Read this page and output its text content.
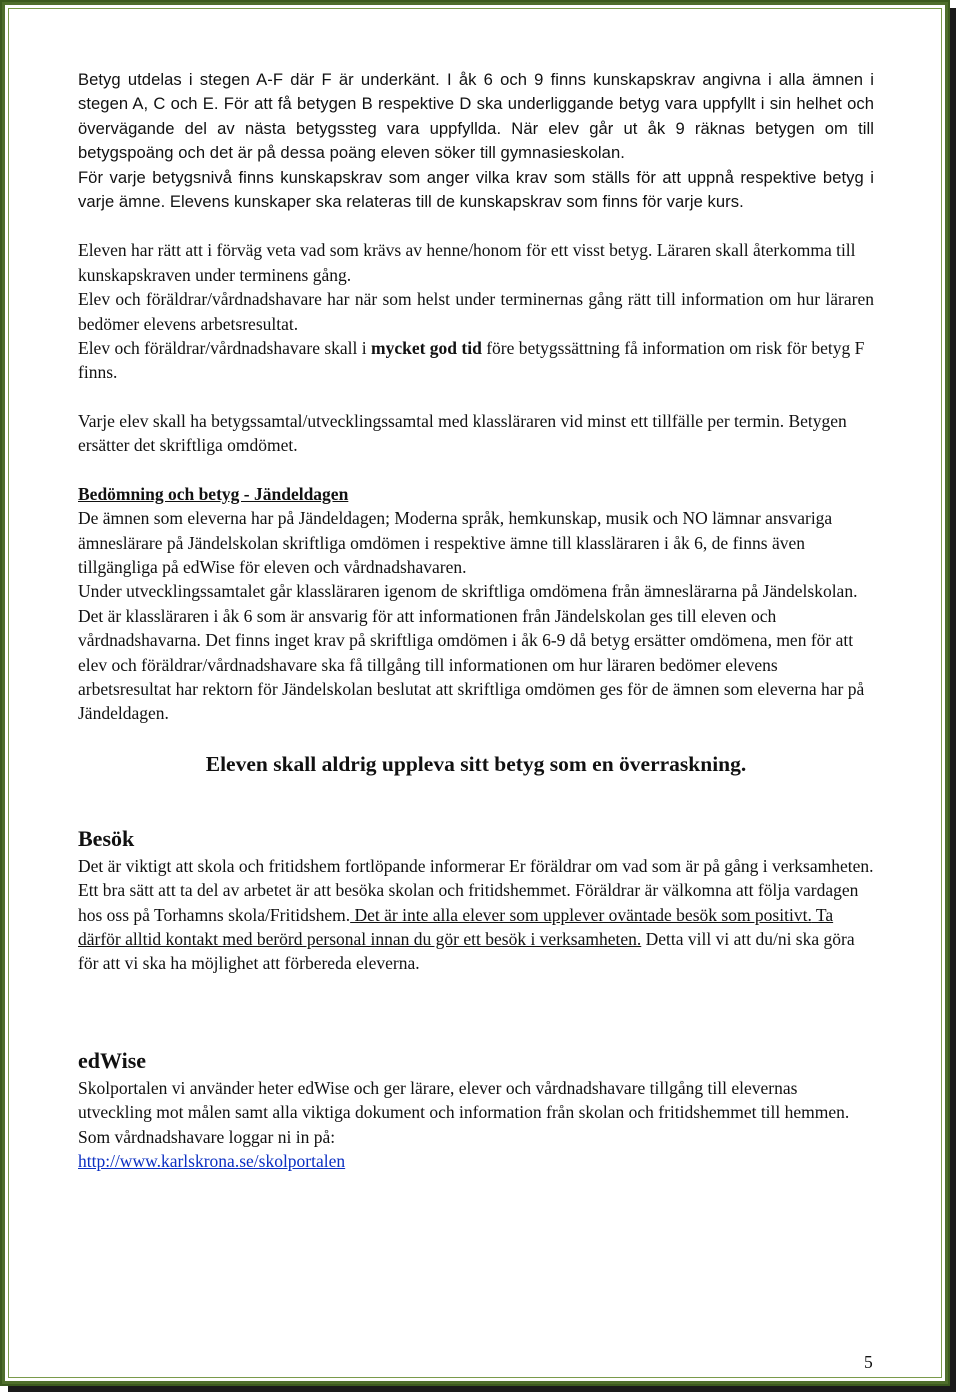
Betyg utdelas i stegen A-F där F är underkänt. I åk 6 och 9 finns kunskapskrav angivna i alla ämnen i stegen A, C och E. För att få betygen B respektive D ska underliggande betyg vara uppfyllt i sin helhet och övervägande del av nästa betygssteg vara uppfyllda. När elev går ut åk 9 räknas betygen om till betygspoäng och det är på dessa poäng eleven söker till gymnasieskolan.

För varje betygsnivå finns kunskapskrav som anger vilka krav som ställs för att uppnå respektive betyg i varje ämne. Elevens kunskaper ska relateras till de kunskapskrav som finns för varje kurs.

Eleven har rätt att i förväg veta vad som krävs av henne/honom för ett visst betyg. Läraren skall återkomma till kunskapskraven under terminens gång.

Elev och föräldrar/vårdnadshavare har när som helst under terminernas gång rätt till information om hur läraren bedömer elevens arbetsresultat.

Elev och föräldrar/vårdnadshavare skall i mycket god tid före betygssättning få information om risk för betyg F finns.

Varje elev skall ha betygssamtal/utvecklingssamtal med klassläraren vid minst ett tillfälle per termin. Betygen ersätter det skriftliga omdömet.

Bedömning och betyg - Jändeldagen

De ämnen som eleverna har på Jändeldagen; Moderna språk, hemkunskap, musik och NO lämnar ansvariga ämneslärare på Jändelskolan skriftliga omdömen i respektive ämne till klassläraren i åk 6, de finns även tillgängliga på edWise för eleven och vårdnadshavaren.

Under utvecklingssamtalet går klassläraren igenom de skriftliga omdömena från ämneslärarna på Jändelskolan.

Det är klassläraren i åk 6 som är ansvarig för att informationen från Jändelskolan ges till eleven och vårdnadshavarna. Det finns inget krav på skriftliga omdömen i åk 6-9 då betyg ersätter omdömena, men för att elev och föräldrar/vårdnadshavare ska få tillgång till informationen om hur läraren bedömer elevens arbetsresultat har rektorn för Jändelskolan beslutat att skriftliga omdömen ges för de ämnen som eleverna har på Jändeldagen.

Eleven skall aldrig uppleva sitt betyg som en överraskning.

Besök

Det är viktigt att skola och fritidshem fortlöpande informerar Er föräldrar om vad som är på gång i verksamheten. Ett bra sätt att ta del av arbetet är att besöka skolan och fritidshemmet. Föräldrar är välkomna att följa vardagen hos oss på Torhamns skola/Fritidshem. Det är inte alla elever som upplever oväntade besök som positivt. Ta därför alltid kontakt med berörd personal innan du gör ett besök i verksamheten. Detta vill vi att du/ni ska göra för att vi ska ha möjlighet att förbereda eleverna.

edWise

Skolportalen vi använder heter edWise och ger lärare, elever och vårdnadshavare tillgång till elevernas utveckling mot målen samt alla viktiga dokument och information från skolan och fritidshemmet till hemmen. Som vårdnadshavare loggar ni in på:

http://www.karlskrona.se/skolportalen

5
